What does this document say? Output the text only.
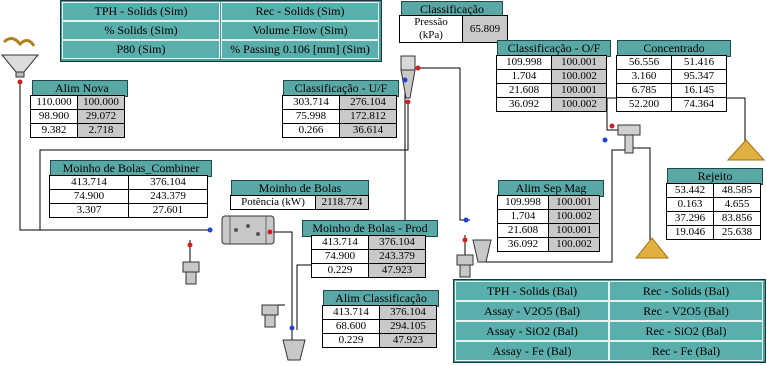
TPH - Solids (Sim)	Rec - Solids (Sim)
% Solids (Sim)	Volume Flow (Sim)
P80 (Sim)	% Passing 0.106 [mm] (Sim)
Classificação
Pressão (kPa)	65.809
Alim Nova
110.000	100.000
98.900	29.072
9.382	2.718
Classificação - U/F
303.714	276.104
75.998	172.812
0.266	36.614
Classificação - O/F
109.998	100.001
1.704	100.002
21.608	100.001
36.092	100.002
Concentrado
56.556	51.416
3.160	95.347
6.785	16.145
52.200	74.364
Moinho de Bolas_Combiner
413.714	376.104
74.900	243.379
3.307	27.601
Moinho de Bolas
Potência (kW)	2118.774
Moinho de Bolas - Prod
413.714	376.104
74.900	243.379
0.229	47.923
Alim Sep Mag
109.998	100.001
1.704	100.002
21.608	100.001
36.092	100.002
Rejeito
53.442	48.585
0.163	4.655
37.296	83.856
19.046	25.638
Alim Classificação
413.714	376.104
68.600	294.105
0.229	47.923
TPH - Solids (Bal)	Rec - Solids (Bal)
Assay - V2O5 (Bal)	Rec - V2O5 (Bal)
Assay - SiO2 (Bal)	Rec - SiO2 (Bal)
Assay - Fe (Bal)	Rec - Fe (Bal)
